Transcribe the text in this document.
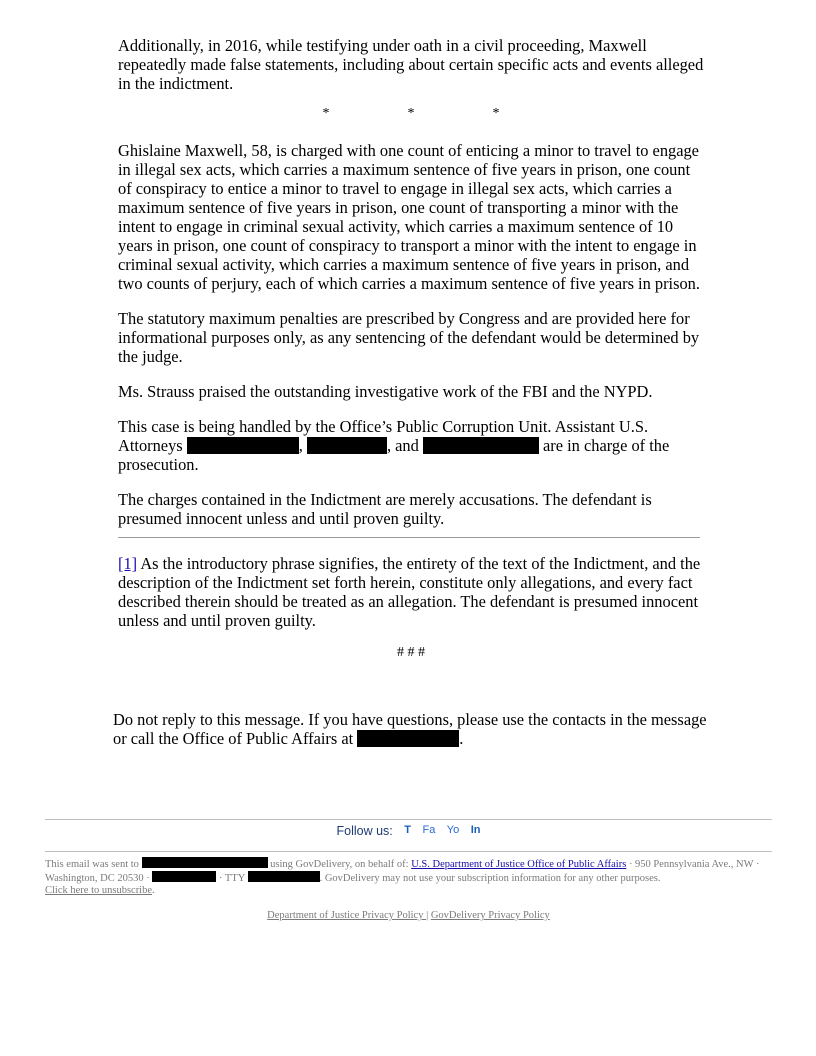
Additionally, in 2016, while testifying under oath in a civil proceeding, Maxwell repeatedly made false statements, including about certain specific acts and events alleged in the indictment.

*	*	*

Ghislaine Maxwell, 58, is charged with one count of enticing a minor to travel to engage in illegal sex acts, which carries a maximum sentence of five years in prison, one count of conspiracy to entice a minor to travel to engage in illegal sex acts, which carries a maximum sentence of five years in prison, one count of transporting a minor with the intent to engage in criminal sexual activity, which carries a maximum sentence of 10 years in prison, one count of conspiracy to transport a minor with the intent to engage in criminal sexual activity, which carries a maximum sentence of five years in prison, and two counts of perjury, each of which carries a maximum sentence of five years in prison.

The statutory maximum penalties are prescribed by Congress and are provided here for informational purposes only, as any sentencing of the defendant would be determined by the judge.

Ms. Strauss praised the outstanding investigative work of the FBI and the NYPD.

This case is being handled by the Office’s Public Corruption Unit. Assistant U.S. Attorneys	,	, and	are in charge of the prosecution.

The charges contained in the Indictment are merely accusations. The defendant is presumed innocent unless and until proven guilty.

[1] As the introductory phrase signifies, the entirety of the text of the Indictment, and the description of the Indictment set forth herein, constitute only allegations, and every fact described therein should be treated as an allegation. The defendant is presumed innocent unless and until proven guilty.

# # #

Do not reply to this message. If you have questions, please use the contacts in the message or call the Office of Public Affairs at	.

Follow us: T Fa Yo In

This email was sent to	using GovDelivery, on behalf of: U.S. Department of Justice Office of Public Affairs · 950 Pennsylvania Ave., NW · Washington, DC 20530 ·	· TTY	. GovDelivery may not use your subscription information for any other purposes.
Click here to unsubscribe.

Department of Justice Privacy Policy | GovDelivery Privacy Policy
